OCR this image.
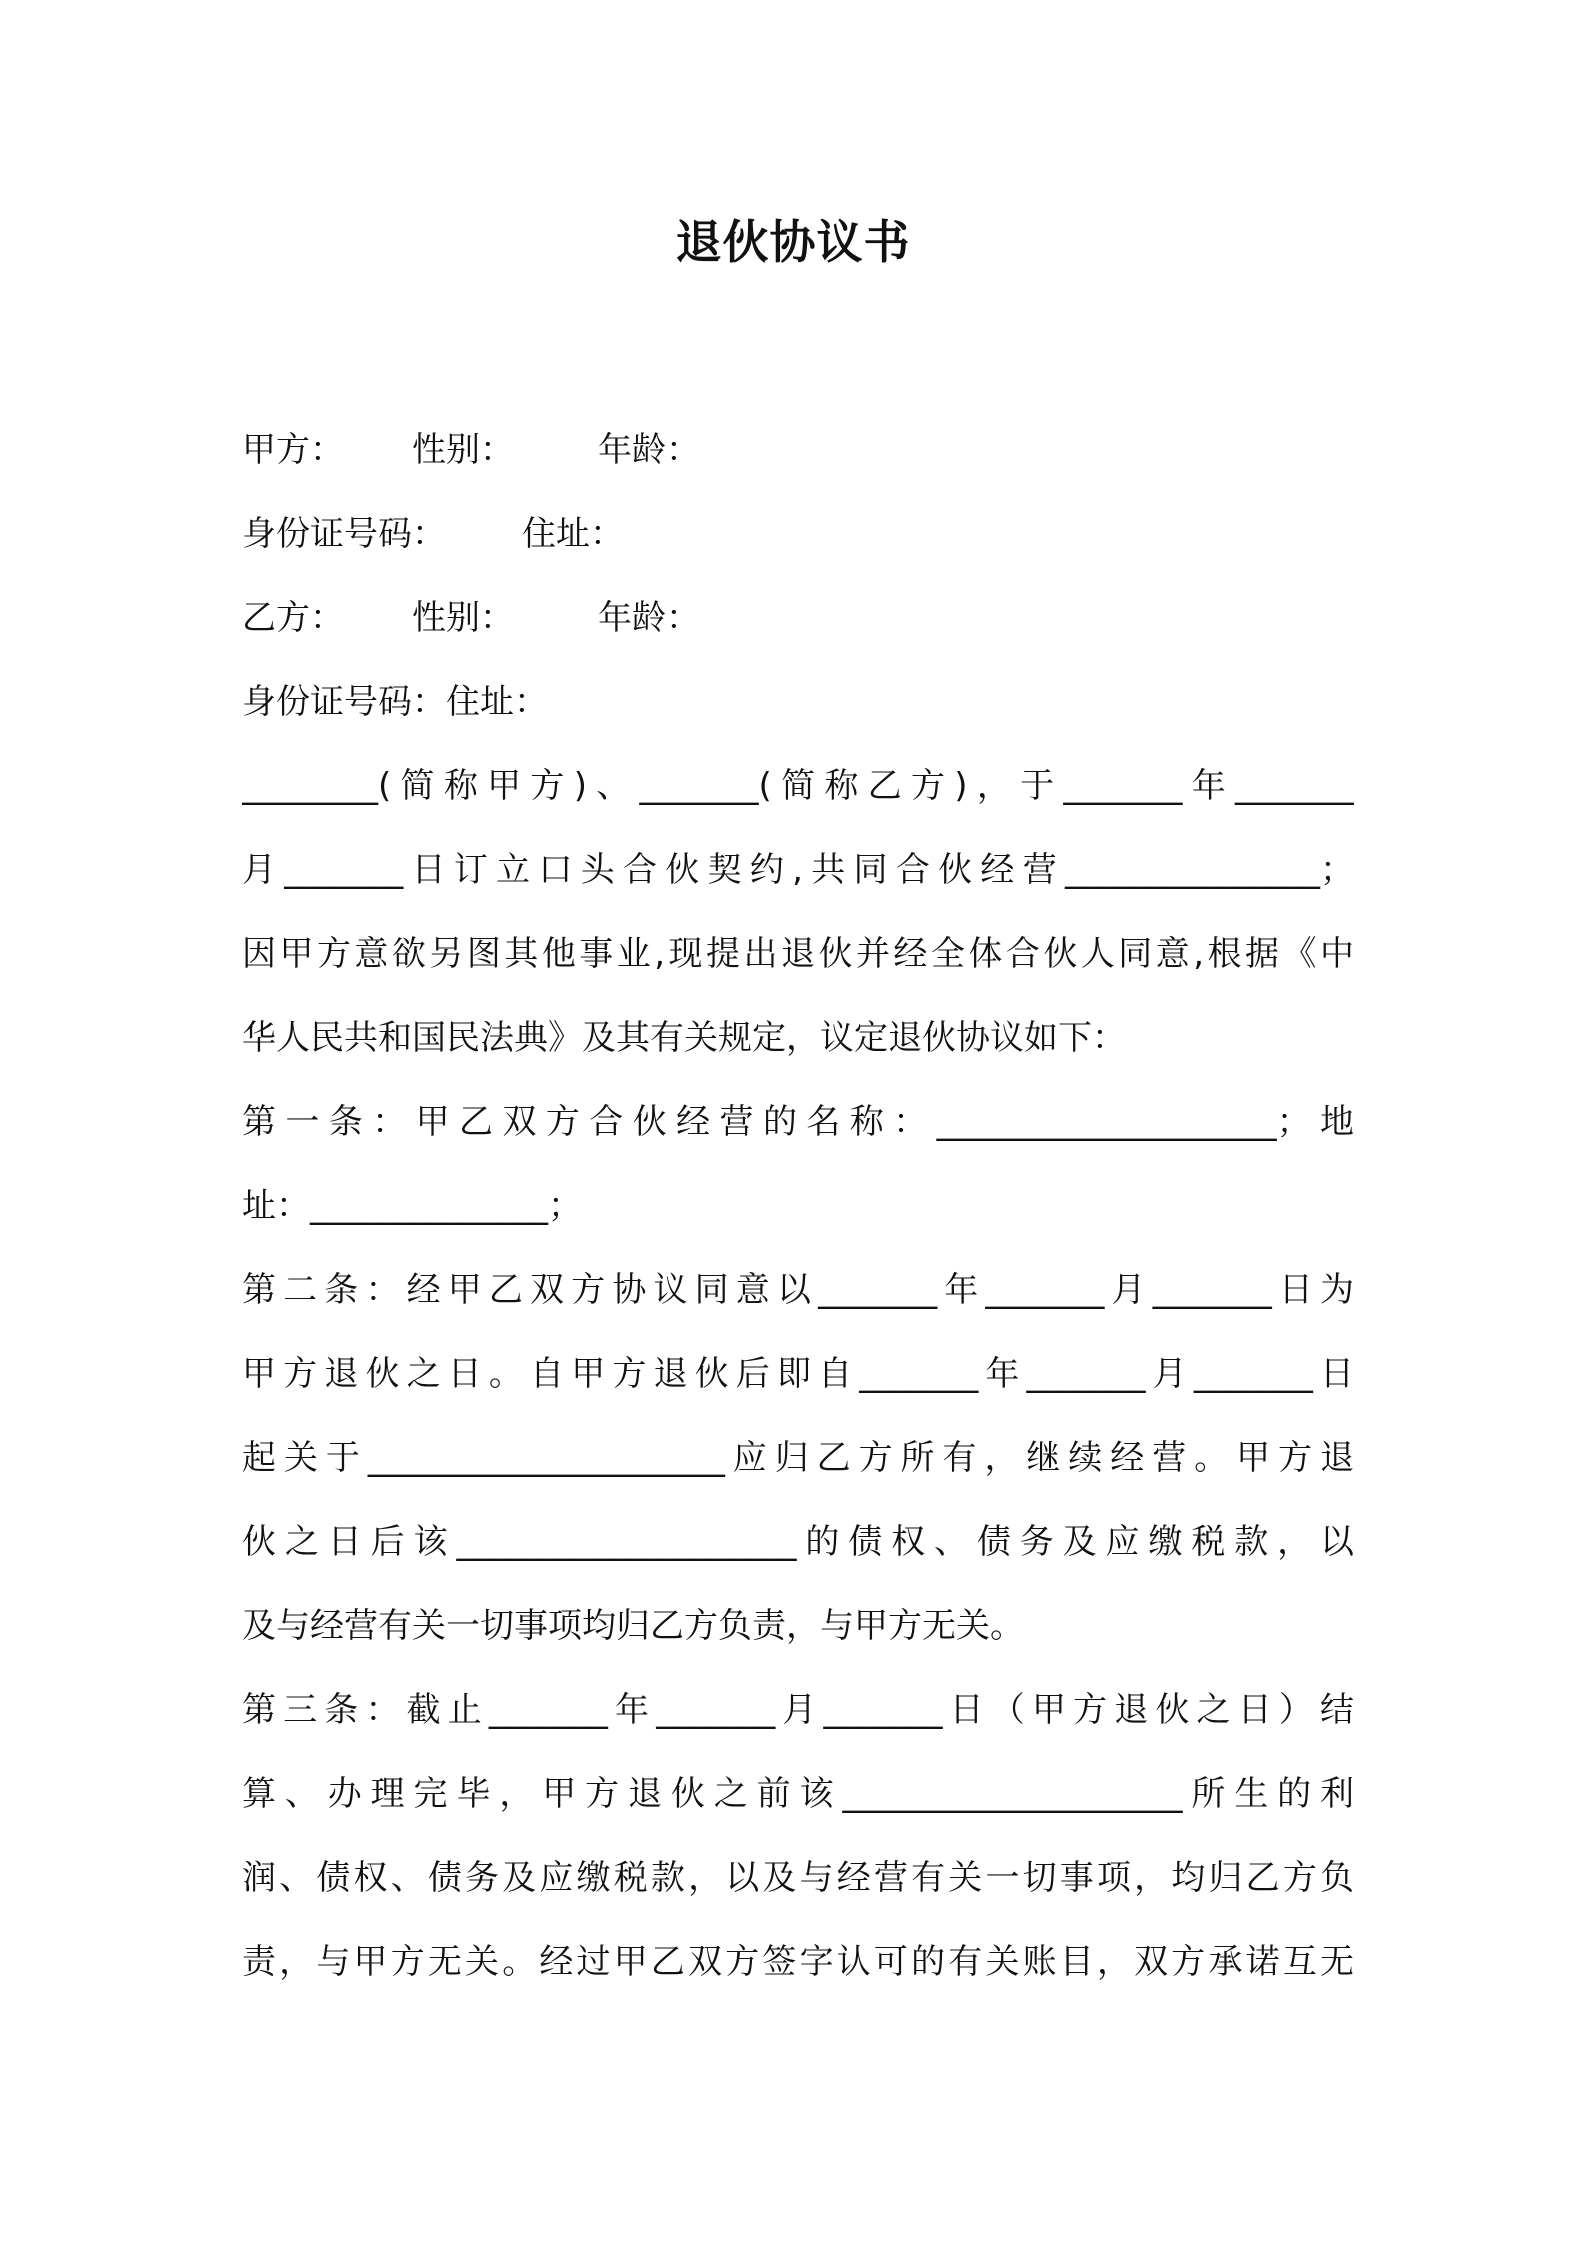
退伙协议书
甲方： 性别： 年龄：
身份证号码： 住址：
乙方： 性别： 年龄：
身份证号码：住址：
________(简称甲方)、_______(简称乙方)，于_______年_______
月_______日订立口头合伙契约,共同合伙经营_______________；
因甲方意欲另图其他事业,现提出退伙并经全体合伙人同意,根据《中
华人民共和国民法典》及其有关规定，议定退伙协议如下：
第一条：甲乙双方合伙经营的名称：____________________；地
址：______________；
第二条：经甲乙双方协议同意以_______年_______月_______日为
甲方退伙之日。自甲方退伙后即自_______年_______月_______日
起关于_____________________应归乙方所有，继续经营。甲方退
伙之日后该____________________的债权、债务及应缴税款，以
及与经营有关一切事项均归乙方负责，与甲方无关。
第三条：截止_______年_______月_______日（甲方退伙之日）结
算、办理完毕，甲方退伙之前该____________________所生的利
润、债权、债务及应缴税款，以及与经营有关一切事项，均归乙方负
责，与甲方无关。经过甲乙双方签字认可的有关账目，双方承诺互无
